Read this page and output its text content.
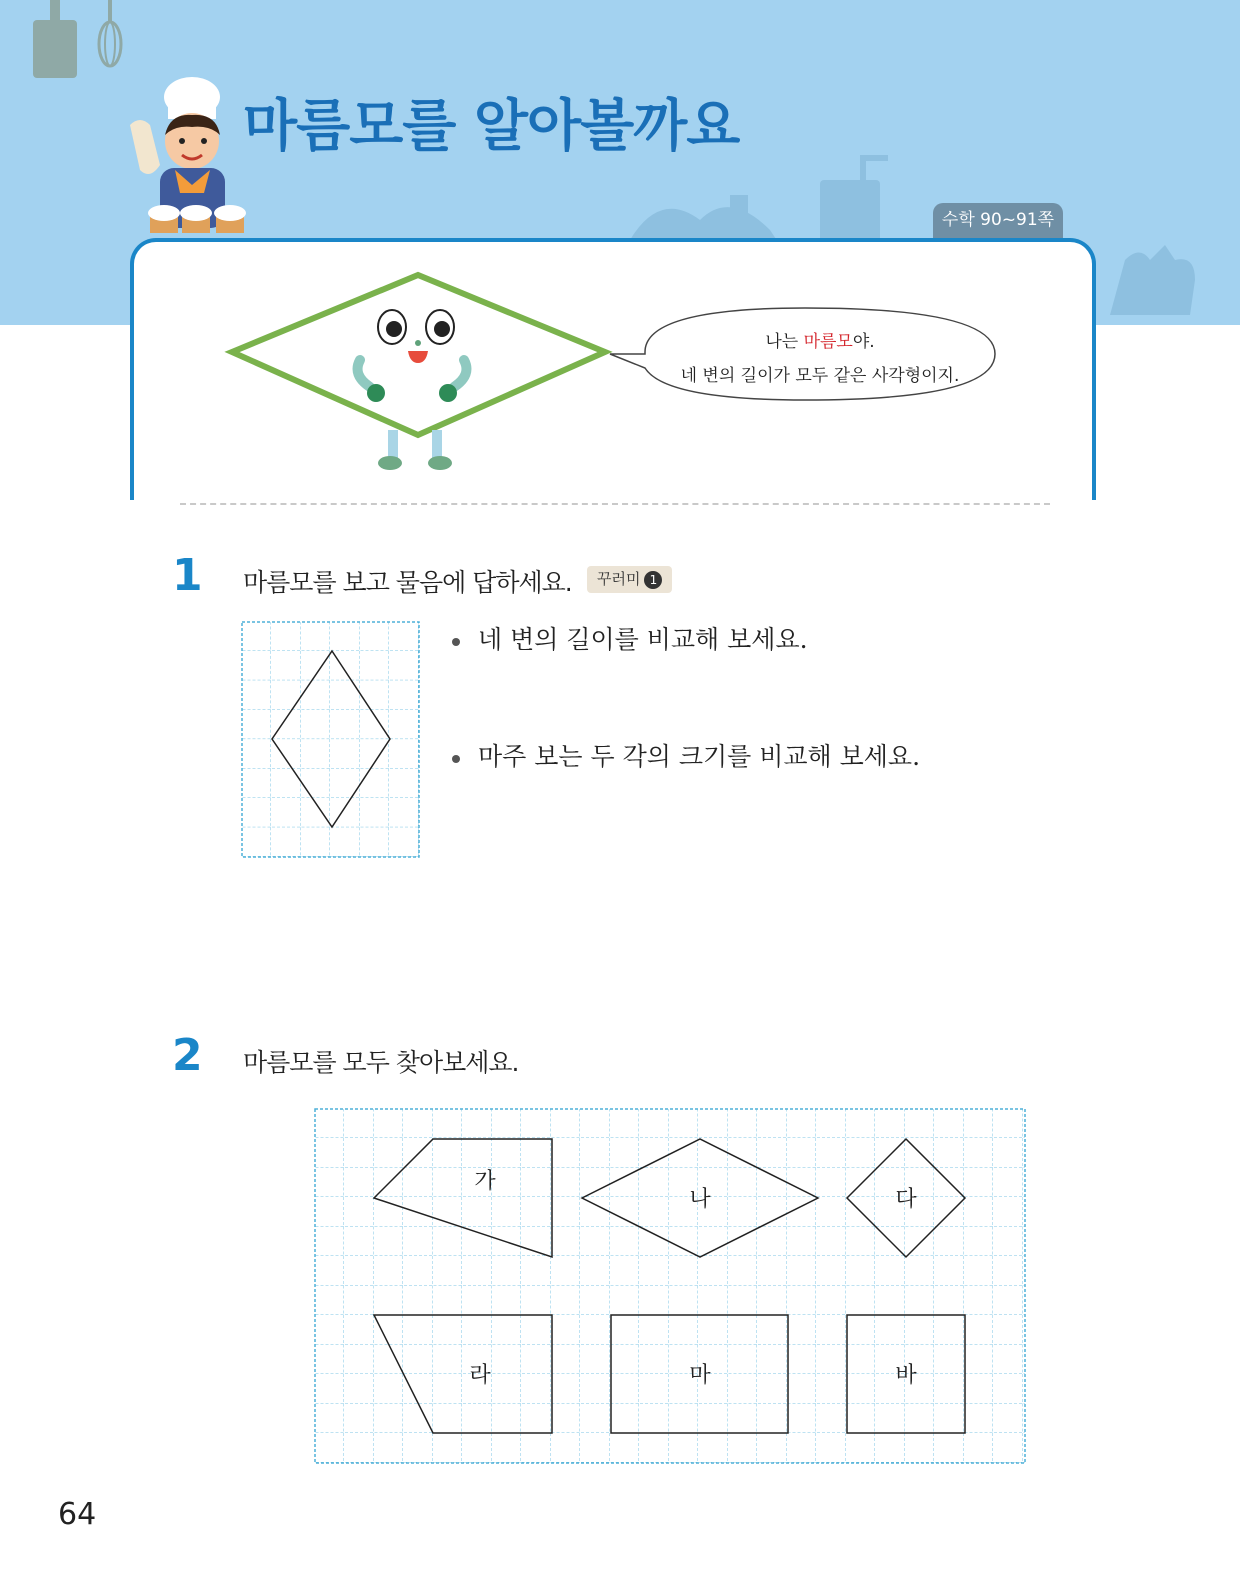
마름모를 알아볼까요
수학 90~91쪽
나는 마름모야.
네 변의 길이가 모두 같은 사각형이지.
1 마름모를 보고 물음에 답하세요.	꾸러미 1
네 변의 길이를 비교해 보세요.
마주 보는 두 각의 크기를 비교해 보세요.
2 마름모를 모두 찾아보세요.
가
나	다
라	마	바
64
